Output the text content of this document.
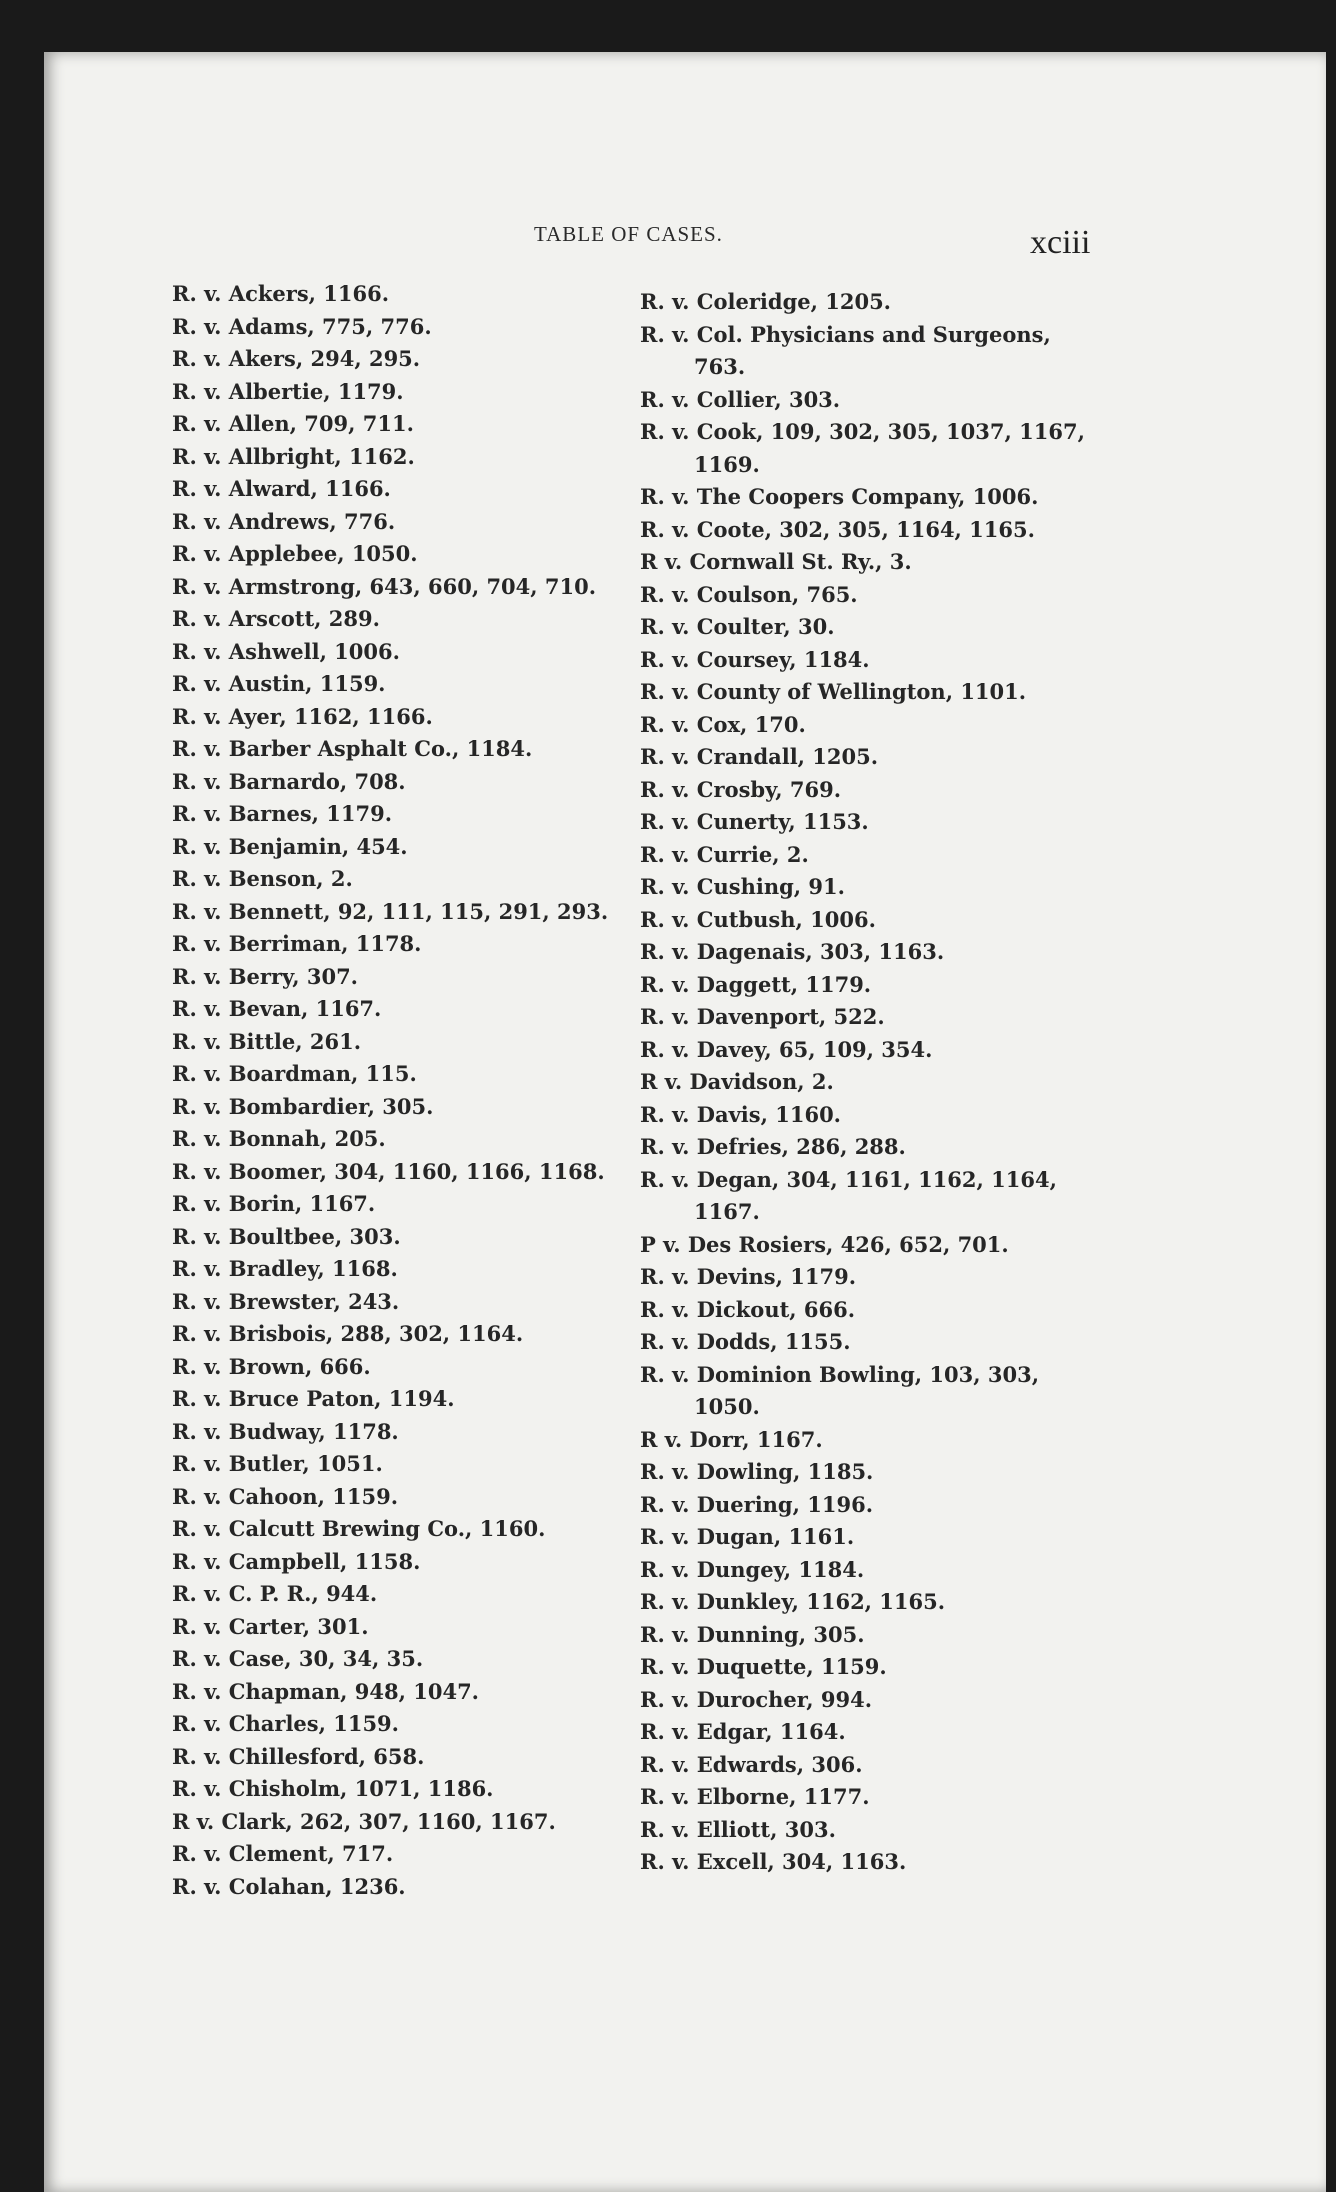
TABLE OF CASES.	xciii
R. v. Ackers, 1166.
R. v. Adams, 775, 776.
R. v. Akers, 294, 295.
R. v. Albertie, 1179.
R. v. Allen, 709, 711.
R. v. Allbright, 1162.
R. v. Alward, 1166.
R. v. Andrews, 776.
R. v. Applebee, 1050.
R. v. Armstrong, 643, 660, 704, 710.
R. v. Arscott, 289.
R. v. Ashwell, 1006.
R. v. Austin, 1159.
R. v. Ayer, 1162, 1166.
R. v. Barber Asphalt Co., 1184.
R. v. Barnardo, 708.
R. v. Barnes, 1179.
R. v. Benjamin, 454.
R. v. Benson, 2.
R. v. Bennett, 92, 111, 115, 291, 293.
R. v. Berriman, 1178.
R. v. Berry, 307.
R. v. Bevan, 1167.
R. v. Bittle, 261.
R. v. Boardman, 115.
R. v. Bombardier, 305.
R. v. Bonnah, 205.
R. v. Boomer, 304, 1160, 1166, 1168.
R. v. Borin, 1167.
R. v. Boultbee, 303.
R. v. Bradley, 1168.
R. v. Brewster, 243.
R. v. Brisbois, 288, 302, 1164.
R. v. Brown, 666.
R. v. Bruce Paton, 1194.
R. v. Budway, 1178.
R. v. Butler, 1051.
R. v. Cahoon, 1159.
R. v. Calcutt Brewing Co., 1160.
R. v. Campbell, 1158.
R. v. C. P. R., 944.
R. v. Carter, 301.
R. v. Case, 30, 34, 35.
R. v. Chapman, 948, 1047.
R. v. Charles, 1159.
R. v. Chillesford, 658.
R. v. Chisholm, 1071, 1186.
R v. Clark, 262, 307, 1160, 1167.
R. v. Clement, 717.
R. v. Colahan, 1236.
R. v. Coleridge, 1205.
R. v. Col. Physicians and Surgeons,
763.
R. v. Collier, 303.
R. v. Cook, 109, 302, 305, 1037, 1167,
1169.
R. v. The Coopers Company, 1006.
R. v. Coote, 302, 305, 1164, 1165.
R v. Cornwall St. Ry., 3.
R. v. Coulson, 765.
R. v. Coulter, 30.
R. v. Coursey, 1184.
R. v. County of Wellington, 1101.
R. v. Cox, 170.
R. v. Crandall, 1205.
R. v. Crosby, 769.
R. v. Cunerty, 1153.
R. v. Currie, 2.
R. v. Cushing, 91.
R. v. Cutbush, 1006.
R. v. Dagenais, 303, 1163.
R. v. Daggett, 1179.
R. v. Davenport, 522.
R. v. Davey, 65, 109, 354.
R v. Davidson, 2.
R. v. Davis, 1160.
R. v. Defries, 286, 288.
R. v. Degan, 304, 1161, 1162, 1164,
1167.
P v. Des Rosiers, 426, 652, 701.
R. v. Devins, 1179.
R. v. Dickout, 666.
R. v. Dodds, 1155.
R. v. Dominion Bowling, 103, 303,
1050.
R v. Dorr, 1167.
R. v. Dowling, 1185.
R. v. Duering, 1196.
R. v. Dugan, 1161.
R. v. Dungey, 1184.
R. v. Dunkley, 1162, 1165.
R. v. Dunning, 305.
R. v. Duquette, 1159.
R. v. Durocher, 994.
R. v. Edgar, 1164.
R. v. Edwards, 306.
R. v. Elborne, 1177.
R. v. Elliott, 303.
R. v. Excell, 304, 1163.
